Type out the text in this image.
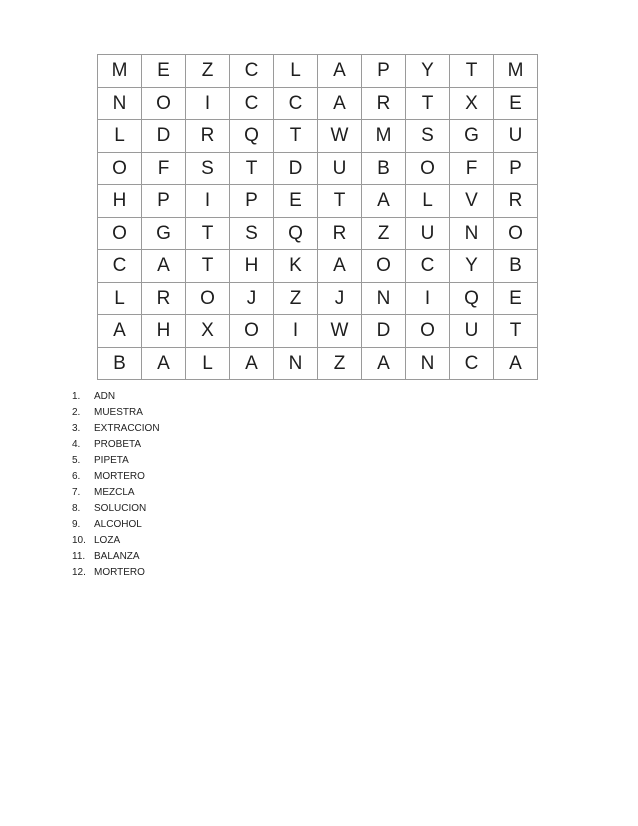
M	E	Z	C	L	A	P	Y	T	M
N	O	I	C	C	A	R	T	X	E
L	D	R	Q	T	W	M	S	G	U
O	F	S	T	D	U	B	O	F	P
H	P	I	P	E	T	A	L	V	R
O	G	T	S	Q	R	Z	U	N	O
C	A	T	H	K	A	O	C	Y	B
L	R	O	J	Z	J	N	I	Q	E
A	H	X	O	I	W	D	O	U	T
B	A	L	A	N	Z	A	N	C	A
1.	ADN
2.	MUESTRA
3.	EXTRACCION
4.	PROBETA
5.	PIPETA
6.	MORTERO
7.	MEZCLA
8.	SOLUCION
9.	ALCOHOL
10. LOZA
11. BALANZA
12. MORTERO
